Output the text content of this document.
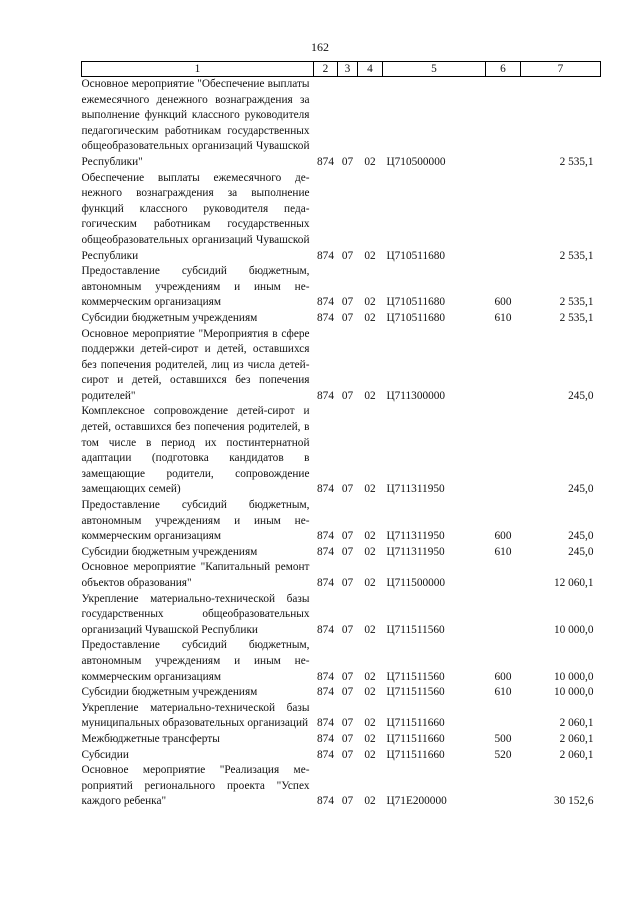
162
1	2	3	4	5	6	7
Основное мероприятие "Обеспечение выплаты ежемесячного денежного вознаграждения за выполнение функций классного руководителя педагогическим работникам государственных общеобразовательных организаций Чувашской Республики"	874	07	02	Ц710500000		2 535,1
Обеспечение выплаты ежемесячного денежного вознаграждения за выполнение функций классного руководителя педагогическим работникам государственных общеобразовательных организаций Чувашской Республики	874	07	02	Ц710511680		2 535,1
Предоставление субсидий бюджетным, автономным учреждениям и иным некоммерческим организациям	874	07	02	Ц710511680	600	2 535,1
Субсидии бюджетным учреждениям	874	07	02	Ц710511680	610	2 535,1
Основное мероприятие "Мероприятия в сфере поддержки детей-сирот и детей, оставшихся без попечения родителей, лиц из числа детей-сирот и детей, оставшихся без попечения родителей"	874	07	02	Ц711300000		245,0
Комплексное сопровождение детей-сирот и детей, оставшихся без попечения родителей, в том числе в период их постинтернатной адаптации (подготовка кандидатов в замещающие родители, сопровождение замещающих семей)	874	07	02	Ц711311950		245,0
Предоставление субсидий бюджетным, автономным учреждениям и иным некоммерческим организациям	874	07	02	Ц711311950	600	245,0
Субсидии бюджетным учреждениям	874	07	02	Ц711311950	610	245,0
Основное мероприятие "Капитальный ремонт объектов образования"	874	07	02	Ц711500000		12 060,1
Укрепление материально-технической базы государственных общеобразовательных организаций Чувашской Республики	874	07	02	Ц711511560		10 000,0
Предоставление субсидий бюджетным, автономным учреждениям и иным некоммерческим организациям	874	07	02	Ц711511560	600	10 000,0
Субсидии бюджетным учреждениям	874	07	02	Ц711511560	610	10 000,0
Укрепление материально-технической базы муниципальных образовательных организаций	874	07	02	Ц711511660		2 060,1
Межбюджетные трансферты	874	07	02	Ц711511660	500	2 060,1
Субсидии	874	07	02	Ц711511660	520	2 060,1
Основное мероприятие "Реализация мероприятий регионального проекта "Успех каждого ребенка"	874	07	02	Ц71Е200000		30 152,6
